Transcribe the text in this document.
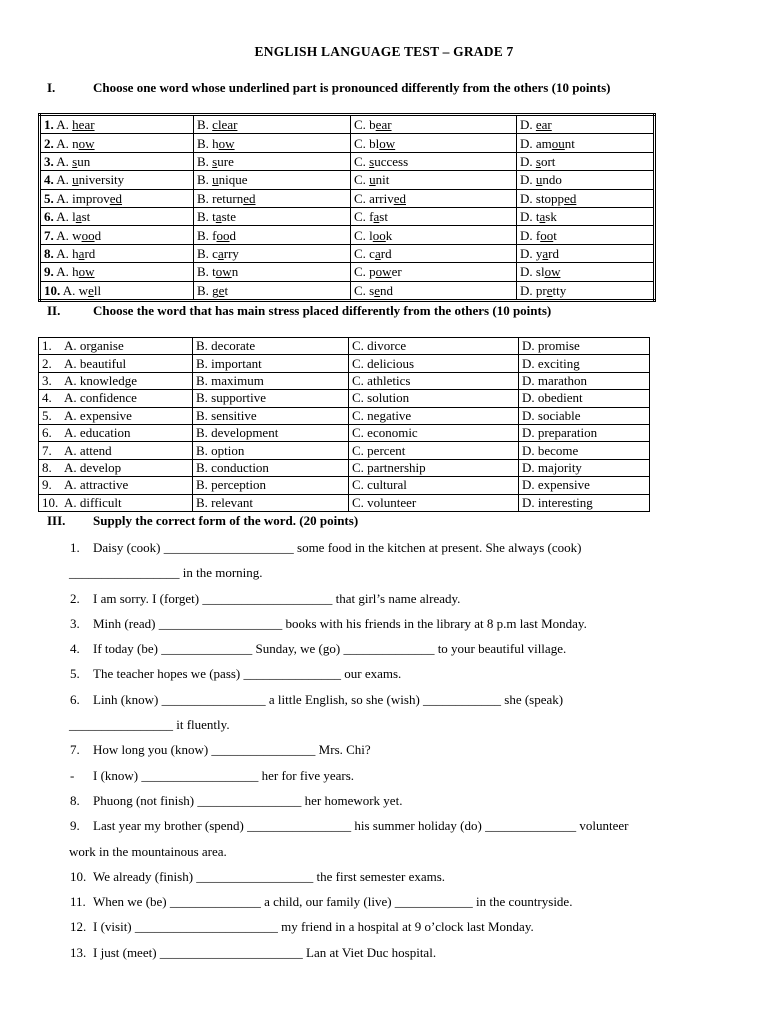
ENGLISH LANGUAGE TEST – GRADE 7
I.	Choose one word whose underlined part is pronounced differently from the others (10 points)
1. A. hear	B. clear	C. bear	D. ear
2. A. now	B. how	C. blow	D. amount
3. A. sun	B. sure	C. success	D. sort
4. A. university	B. unique	C. unit	D. undo
5. A. improved	B. returned	C. arrived	D. stopped
6. A. last	B. taste	C. fast	D. task
7. A. wood	B. food	C. look	D. foot
8. A. hard	B. carry	C. card	D. yard
9. A. how	B. town	C. power	D. slow
10. A. well	B. get	C. send	D. pretty
II.	Choose the word that has main stress placed differently from the others (10 points)
1.    A. organise	B. decorate	C. divorce	D. promise
2.    A. beautiful	B. important	C. delicious	D. exciting
3.    A. knowledge	B. maximum	C. athletics	D. marathon
4.    A. confidence	B. supportive	C. solution	D. obedient
5.    A. expensive	B. sensitive	C. negative	D. sociable
6.    A. education	B. development	C. economic	D. preparation
7.    A. attend	B. option	C. percent	D. become
8.    A. develop	B. conduction	C. partnership	D. majority
9.    A. attractive	B. perception	C. cultural	D. expensive
10.  A. difficult	B. relevant	C. volunteer	D. interesting
III. Supply the correct form of the word. (20 points)
1. Daisy (cook) ____________________ some food in the kitchen at present. She always (cook)
_________________ in the morning.
2. I am sorry. I (forget) ____________________ that girl’s name already.
3. Minh (read) ___________________ books with his friends in the library at 8 p.m last Monday.
4. If today (be) ______________ Sunday, we (go) ______________ to your beautiful village.
5. The teacher hopes we (pass) _______________ our exams.
6. Linh (know) ________________ a little English, so she (wish) ____________ she (speak)
________________ it fluently.
7. How long you (know) ________________ Mrs. Chi?
- I (know) __________________ her for five years.
8. Phuong (not finish) ________________ her homework yet.
9. Last year my brother (spend) ________________ his summer holiday (do) ______________ volunteer
work in the mountainous area.
10. We already (finish) __________________ the first semester exams.
11. When we (be) ______________ a child, our family (live) ____________ in the countryside.
12. I (visit) ______________________ my friend in a hospital at 9 o’clock last Monday.
13. I just (meet) ______________________ Lan at Viet Duc hospital.
